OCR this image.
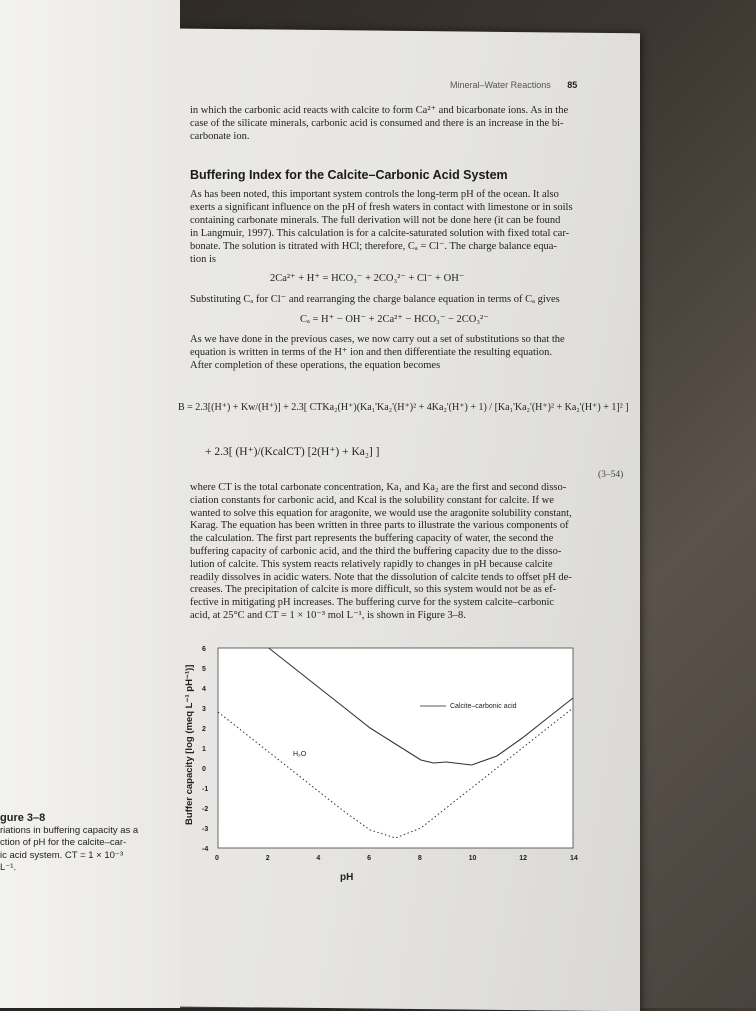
Mineral–Water Reactions 85

in which the carbonic acid reacts with calcite to form Ca²⁺ and bicarbonate ions. As in the

case of the silicate minerals, carbonic acid is consumed and there is an increase in the bi-

carbonate ion.

Buffering Index for the Calcite–Carbonic Acid System

As has been noted, this important system controls the long-term pH of the ocean. It also

exerts a significant influence on the pH of fresh waters in contact with limestone or in soils

containing carbonate minerals. The full derivation will not be done here (it can be found

in Langmuir, 1997). This calculation is for a calcite-saturated solution with fixed total car-

bonate. The solution is titrated with HCl; therefore, Cₐ = Cl⁻. The charge balance equa-

tion is

2Ca²⁺ + H⁺ = HCO₃⁻ + 2CO₃²⁻ + Cl⁻ + OH⁻
Substituting Cₐ for Cl⁻ and rearranging the charge balance equation in terms of Cₐ gives
Cₐ = H⁺ − OH⁻ + 2Ca²⁺ − HCO₃⁻ − 2CO₃²⁻

As we have done in the previous cases, we now carry out a set of substitutions so that the

equation is written in terms of the H⁺ ion and then differentiate the resulting equation.

After completion of these operations, the equation becomes

B = 2.3[(H⁺) + Kw/(H⁺)] + 2.3[ CTKa₂(H⁺)(Ka₁'Ka₂'(H⁺)² + 4Ka₂'(H⁺) + 1) / [Ka₁'Ka₂'(H⁺)² + Ka₂'(H⁺) + 1]² ]
+ 2.3[ (H⁺)/(KcalCT) [2(H⁺) + Ka₂] ]
(3–54)

where CT is the total carbonate concentration, Ka₁ and Ka₂ are the first and second disso-

ciation constants for carbonic acid, and Kcal is the solubility constant for calcite. If we

wanted to solve this equation for aragonite, we would use the aragonite solubility constant,

Karag. The equation has been written in three parts to illustrate the various components of

the calculation. The first part represents the buffering capacity of water, the second the

buffering capacity of carbonic acid, and the third the buffering capacity due to the disso-

lution of calcite. This system reacts relatively rapidly to changes in pH because calcite

readily dissolves in acidic waters. Note that the dissolution of calcite tends to offset pH de-

creases. The precipitation of calcite is more difficult, so this system would not be as ef-

fective in mitigating pH increases. The buffering curve for the system calcite–carbonic

acid, at 25°C and CT = 1 × 10⁻³ mol L⁻¹, is shown in Figure 3–8.

gure 3–8
riations in buffering capacity as a
ction of pH for the calcite–car-
ic acid system. CT = 1 × 10⁻³
L⁻¹.
6
5
4
3
2
1
0
-1
-2
-3
-4
0	2	4	6	8	10	12	14
pH
Buffer capacity [log (meq L⁻¹ pH⁻¹)]	Calcite–carbonic acid
H₂O
